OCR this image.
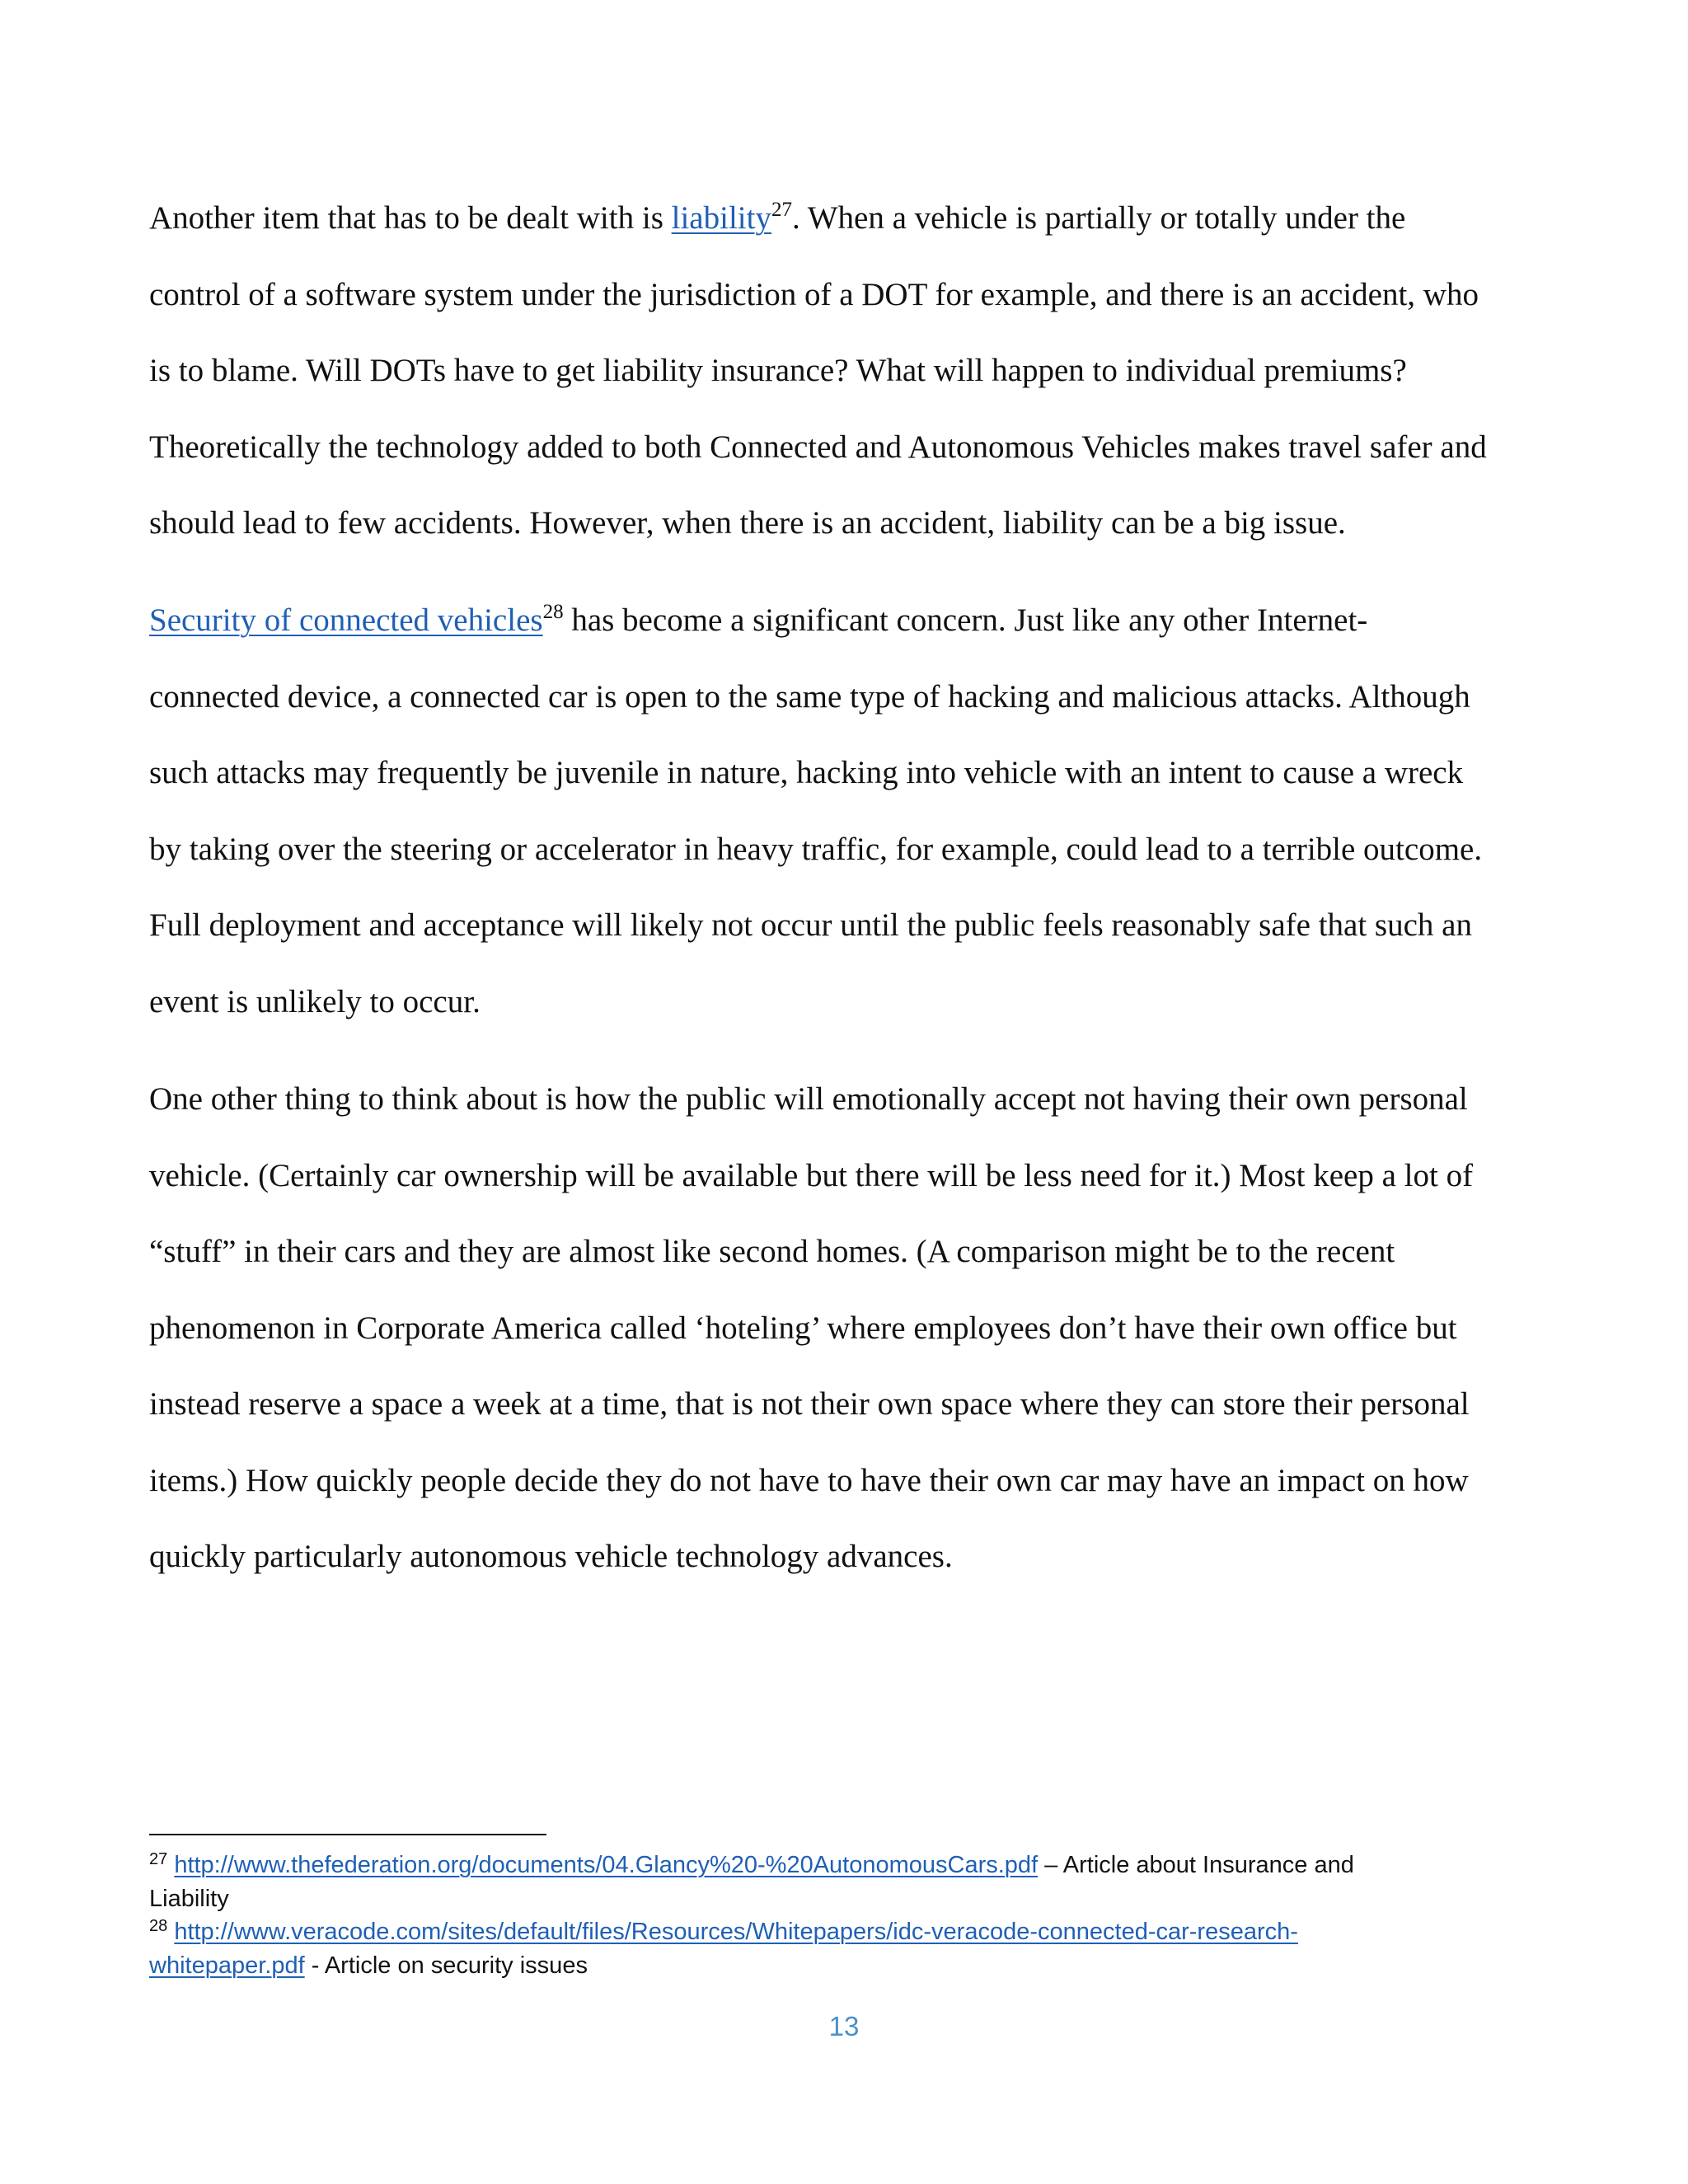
Another item that has to be dealt with is liability$^{27}$. When a vehicle is partially or totally under the
control of a software system under the jurisdiction of a DOT for example, and there is an accident, who
is to blame. Will DOTs have to get liability insurance? What will happen to individual premiums?
Theoretically the technology added to both Connected and Autonomous Vehicles makes travel safer and
should lead to few accidents. However, when there is an accident, liability can be a big issue.

Security of connected vehicles$^{28}$ has become a significant concern. Just like any other Internet-
connected device, a connected car is open to the same type of hacking and malicious attacks. Although
such attacks may frequently be juvenile in nature, hacking into vehicle with an intent to cause a wreck
by taking over the steering or accelerator in heavy traffic, for example, could lead to a terrible outcome.
Full deployment and acceptance will likely not occur until the public feels reasonably safe that such an
event is unlikely to occur.

One other thing to think about is how the public will emotionally accept not having their own personal
vehicle. (Certainly car ownership will be available but there will be less need for it.) Most keep a lot of
“stuff” in their cars and they are almost like second homes. (A comparison might be to the recent
phenomenon in Corporate America called ‘hoteling’ where employees don’t have their own office but
instead reserve a space a week at a time, that is not their own space where they can store their personal
items.) How quickly people decide they do not have to have their own car may have an impact on how
quickly particularly autonomous vehicle technology advances.

$^{27}$ http://www.thefederation.org/documents/04.Glancy%20-%20AutonomousCars.pdf – Article about Insurance and
Liability
$^{28}$ http://www.veracode.com/sites/default/files/Resources/Whitepapers/idc-veracode-connected-car-research-
whitepaper.pdf - Article on security issues
13
